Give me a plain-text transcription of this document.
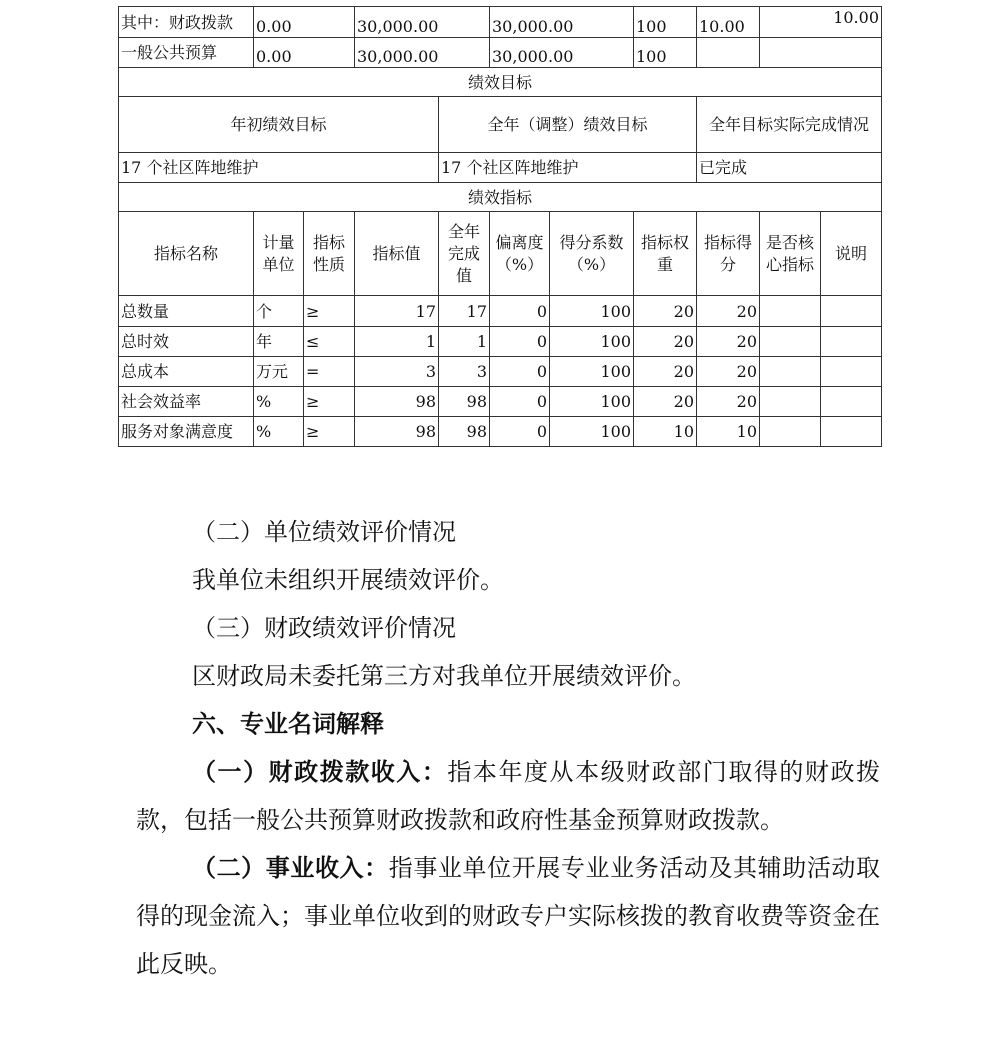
其中：财政拨款	0.00		30,000.00		30,000.00		100	10.00	10.00	
一般公共预算	0.00		30,000.00		30,000.00		100			
绩效目标										
年初绩效目标				全年（调整）绩效目标				全年目标实际完成情况		
17 个社区阵地维护				17 个社区阵地维护				已完成		
绩效指标										
指标名称	计量单位	指标性质	指标值	全年完成值	偏离度（%）	得分系数（%）	指标权重	指标得分	是否核心指标	说明
总数量	个	≥	17	17	0	100	20	20		
总时效	年	≤	1	1	0	100	20	20		
总成本	万元	=	3	3	0	100	20	20		
社会效益率	%	≥	98	98	0	100	20	20		
服务对象满意度	%	≥	98	98	0	100	10	10		

（二）单位绩效评价情况

我单位未组织开展绩效评价。

（三）财政绩效评价情况

区财政局未委托第三方对我单位开展绩效评价。

六、专业名词解释

（一）财政拨款收入：指本年度从本级财政部门取得的财政拨款，包括一般公共预算财政拨款和政府性基金预算财政拨款。

（二）事业收入：指事业单位开展专业业务活动及其辅助活动取得的现金流入；事业单位收到的财政专户实际核拨的教育收费等资金在此反映。
